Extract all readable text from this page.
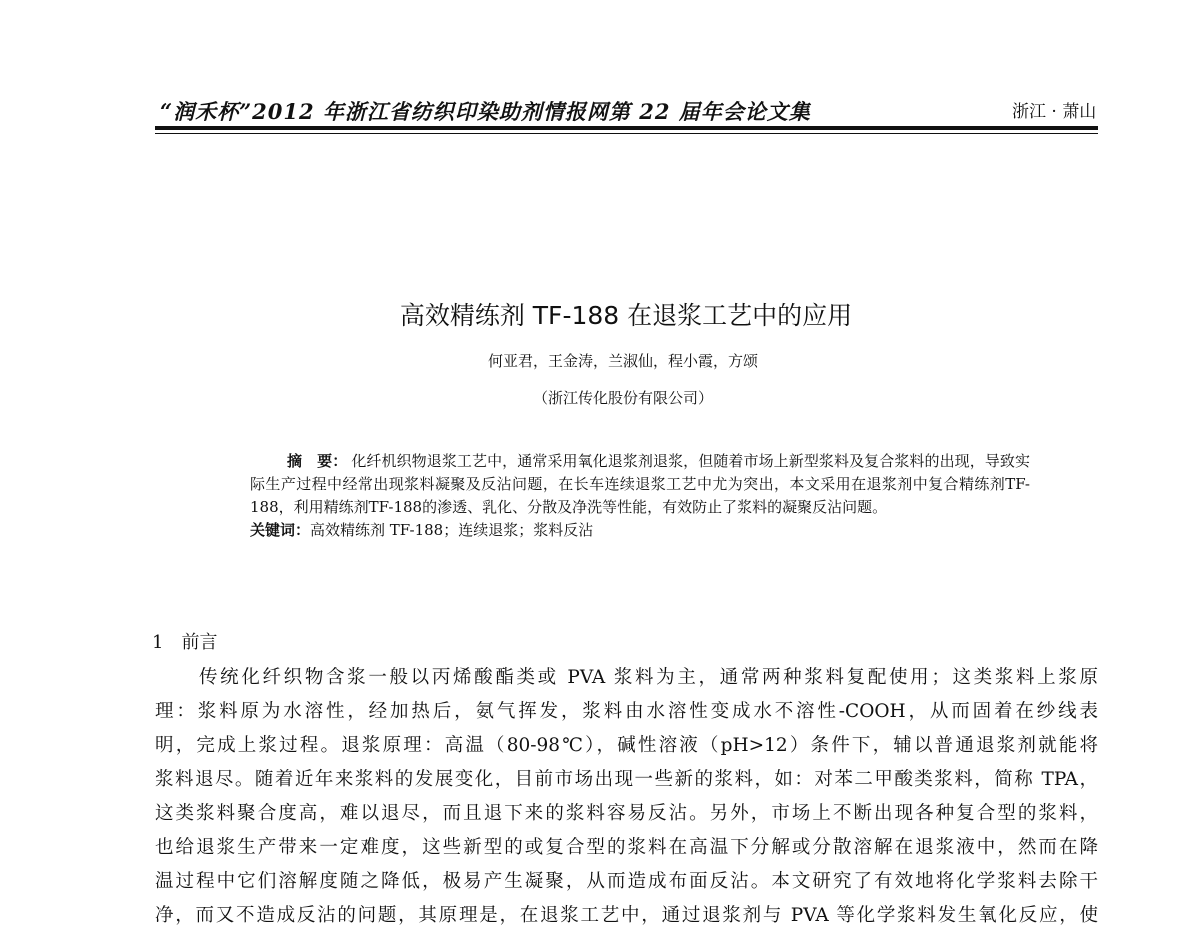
“润禾杯”2012 年浙江省纺织印染助剂情报网第 22 届年会论文集	浙江 · 萧山
高效精练剂 TF-188 在退浆工艺中的应用
何亚君，王金涛，兰淑仙，程小霞，方颂
（浙江传化股份有限公司）

摘　要： 化纤机织物退浆工艺中，通常采用氧化退浆剂退浆，但随着市场上新型浆料及复合浆料的出现，导致实际生产过程中经常出现浆料凝聚及反沾问题，在长车连续退浆工艺中尤为突出，本文采用在退浆剂中复合精练剂TF-188，利用精练剂TF-188的渗透、乳化、分散及净洗等性能，有效防止了浆料的凝聚反沾问题。

关键词：高效精练剂 TF-188；连续退浆；浆料反沾

1 前言
传统化纤织物含浆一般以丙烯酸酯类或 PVA 浆料为主，通常两种浆料复配使用；这类浆料上浆原
理：浆料原为水溶性，经加热后，氨气挥发，浆料由水溶性变成水不溶性-COOH，从而固着在纱线表
明，完成上浆过程。退浆原理：高温（80-98℃），碱性溶液（pH>12）条件下，辅以普通退浆剂就能将
浆料退尽。随着近年来浆料的发展变化，目前市场出现一些新的浆料，如：对苯二甲酸类浆料，简称 TPA，
这类浆料聚合度高，难以退尽，而且退下来的浆料容易反沾。另外，市场上不断出现各种复合型的浆料，
也给退浆生产带来一定难度，这些新型的或复合型的浆料在高温下分解或分散溶解在退浆液中，然而在降
温过程中它们溶解度随之降低，极易产生凝聚，从而造成布面反沾。本文研究了有效地将化学浆料去除干
净，而又不造成反沾的问题，其原理是，在退浆工艺中，通过退浆剂与 PVA 等化学浆料发生氧化反应，使
